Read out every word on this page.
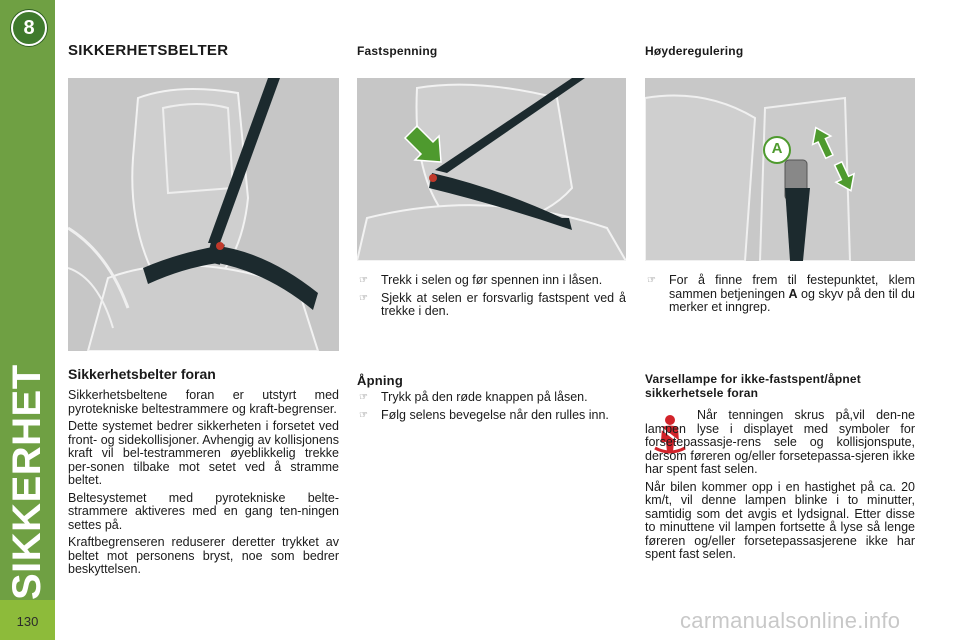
8
SIKKERHET
130
SIKKERHETSBELTER
A
Fastspenning
☞ Trekk i selen og før spennen inn i låsen.
☞ Sjekk at selen er forsvarlig fastspent ved å trekke i den.
Åpning
☞ Trykk på den røde knappen på låsen.
☞ Følg selens bevegelse når den rulles inn.
Høyderegulering
☞ For å finne frem til festepunktet, klem sammen betjeningen A og skyv på den til du merker et inngrep.
Varsellampe for ikke-fastspent/åpnet sikkerhetsele foran

Når tenningen skrus på,vil den-ne lampen lyse i displayet med symboler for forsetepassasje-rens sele og kollisjonspute, dersom føreren og/eller forsetepassa-sjeren ikke har spent fast selen.

Når bilen kommer opp i en hastighet på ca. 20 km/t, vil denne lampen blinke i to minutter, samtidig som det avgis et lydsignal. Etter disse to minuttene vil lampen fortsette å lyse så lenge føreren og/eller forsetepassasjerene ikke har spent fast selen.

Sikkerhetsbelter foran

Sikkerhetsbeltene foran er utstyrt med pyrotekniske beltestrammere og kraft-begrenser.

Dette systemet bedrer sikkerheten i forsetet ved front- og sidekollisjoner. Avhengig av kollisjonens kraft vil bel-testrammeren øyeblikkelig trekke per-sonen tilbake mot setet ved å stramme beltet.

Beltesystemet med pyrotekniske belte-strammere aktiveres med en gang ten-ningen settes på.

Kraftbegrenseren reduserer deretter trykket av beltet mot personens bryst, noe som bedrer beskyttelsen.

carmanualsonline.info
